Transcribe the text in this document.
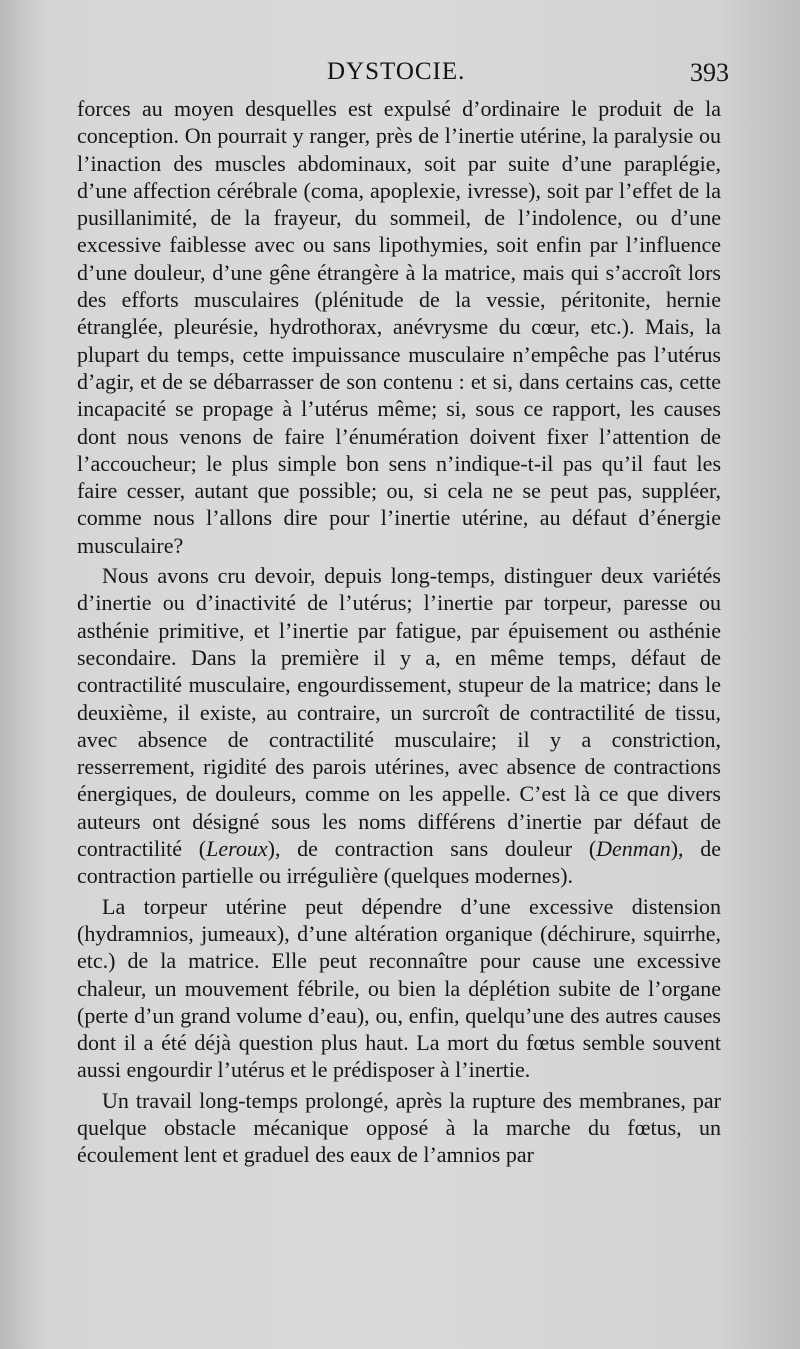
DYSTOCIE.	393

forces au moyen desquelles est expulsé d’ordinaire le produit de la conception. On pourrait y ranger, près de l’inertie utérine, la paralysie ou l’inaction des muscles abdominaux, soit par suite d’une paraplégie, d’une affection cérébrale (coma, apoplexie, ivresse), soit par l’effet de la pusillanimité, de la frayeur, du sommeil, de l’indolence, ou d’une excessive faiblesse avec ou sans lipothymies, soit enfin par l’influence d’une douleur, d’une gêne étrangère à la matrice, mais qui s’accroît lors des efforts musculaires (plénitude de la vessie, péritonite, hernie étranglée, pleurésie, hydrothorax, anévrysme du cœur, etc.). Mais, la plupart du temps, cette impuissance musculaire n’empêche pas l’utérus d’agir, et de se débarrasser de son contenu : et si, dans certains cas, cette incapacité se propage à l’utérus même; si, sous ce rapport, les causes dont nous venons de faire l’énumération doivent fixer l’attention de l’accoucheur; le plus simple bon sens n’indique-t-il pas qu’il faut les faire cesser, autant que possible; ou, si cela ne se peut pas, suppléer, comme nous l’allons dire pour l’inertie utérine, au défaut d’énergie musculaire?

Nous avons cru devoir, depuis long-temps, distinguer deux variétés d’inertie ou d’inactivité de l’utérus; l’inertie par torpeur, paresse ou asthénie primitive, et l’inertie par fatigue, par épuisement ou asthénie secondaire. Dans la première il y a, en même temps, défaut de contractilité musculaire, engourdissement, stupeur de la matrice; dans le deuxième, il existe, au contraire, un surcroît de contractilité de tissu, avec absence de contractilité musculaire; il y a constriction, resserrement, rigidité des parois utérines, avec absence de contractions énergiques, de douleurs, comme on les appelle. C’est là ce que divers auteurs ont désigné sous les noms différens d’inertie par défaut de contractilité (Leroux), de contraction sans douleur (Denman), de contraction partielle ou irrégulière (quelques modernes).

La torpeur utérine peut dépendre d’une excessive distension (hydramnios, jumeaux), d’une altération organique (déchirure, squirrhe, etc.) de la matrice. Elle peut reconnaître pour cause une excessive chaleur, un mouvement fébrile, ou bien la déplétion subite de l’organe (perte d’un grand volume d’eau), ou, enfin, quelqu’une des autres causes dont il a été déjà question plus haut. La mort du fœtus semble souvent aussi engourdir l’utérus et le prédisposer à l’inertie.

Un travail long-temps prolongé, après la rupture des membranes, par quelque obstacle mécanique opposé à la marche du fœtus, un écoulement lent et graduel des eaux de l’amnios par
